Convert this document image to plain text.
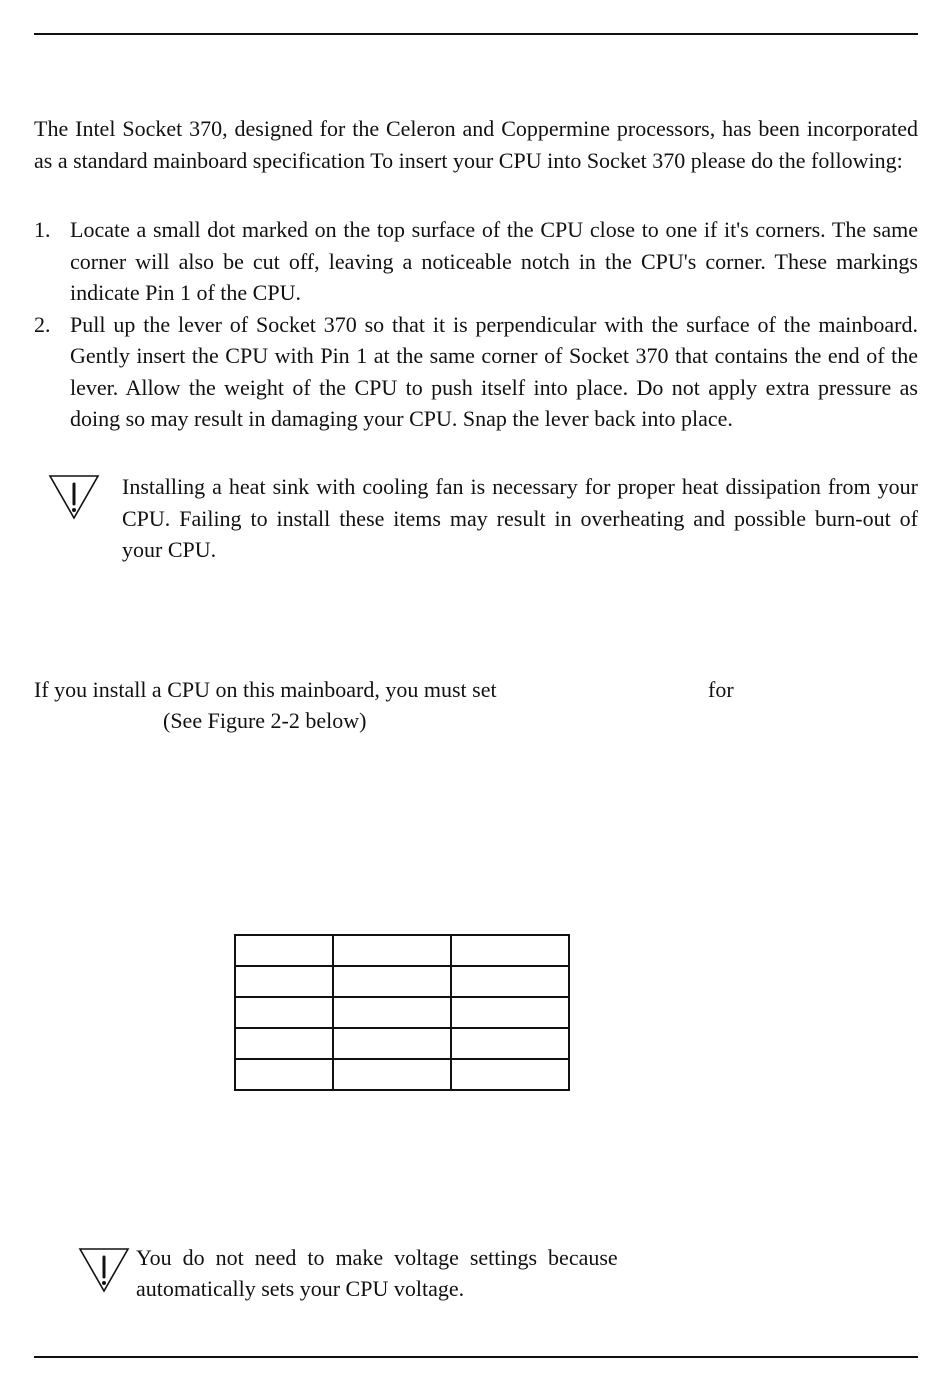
The Intel Socket 370, designed for the Celeron and Coppermine processors, has been incorporated as a standard mainboard specification To insert your CPU into Socket 370 please do the following:

1. Locate a small dot marked on the top surface of the CPU close to one if it's corners. The same corner will also be cut off, leaving a noticeable notch in the CPU's corner. These markings indicate Pin 1 of the CPU.
2. Pull up the lever of Socket 370 so that it is perpendicular with the surface of the mainboard. Gently insert the CPU with Pin 1 at the same corner of Socket 370 that contains the end of the lever. Allow the weight of the CPU to push itself into place. Do not apply extra pressure as doing so may result in damaging your CPU. Snap the lever back into place.
Installing a heat sink with cooling fan is necessary for proper heat dissipation from your CPU. Failing to install these items may result in overheating and possible burn-out of your CPU.
If you install a CPU on this mainboard, you must set	for
(See Figure 2-2 below)

You  do  not  need  to  make  voltage  settings  because
automatically sets your CPU voltage.
